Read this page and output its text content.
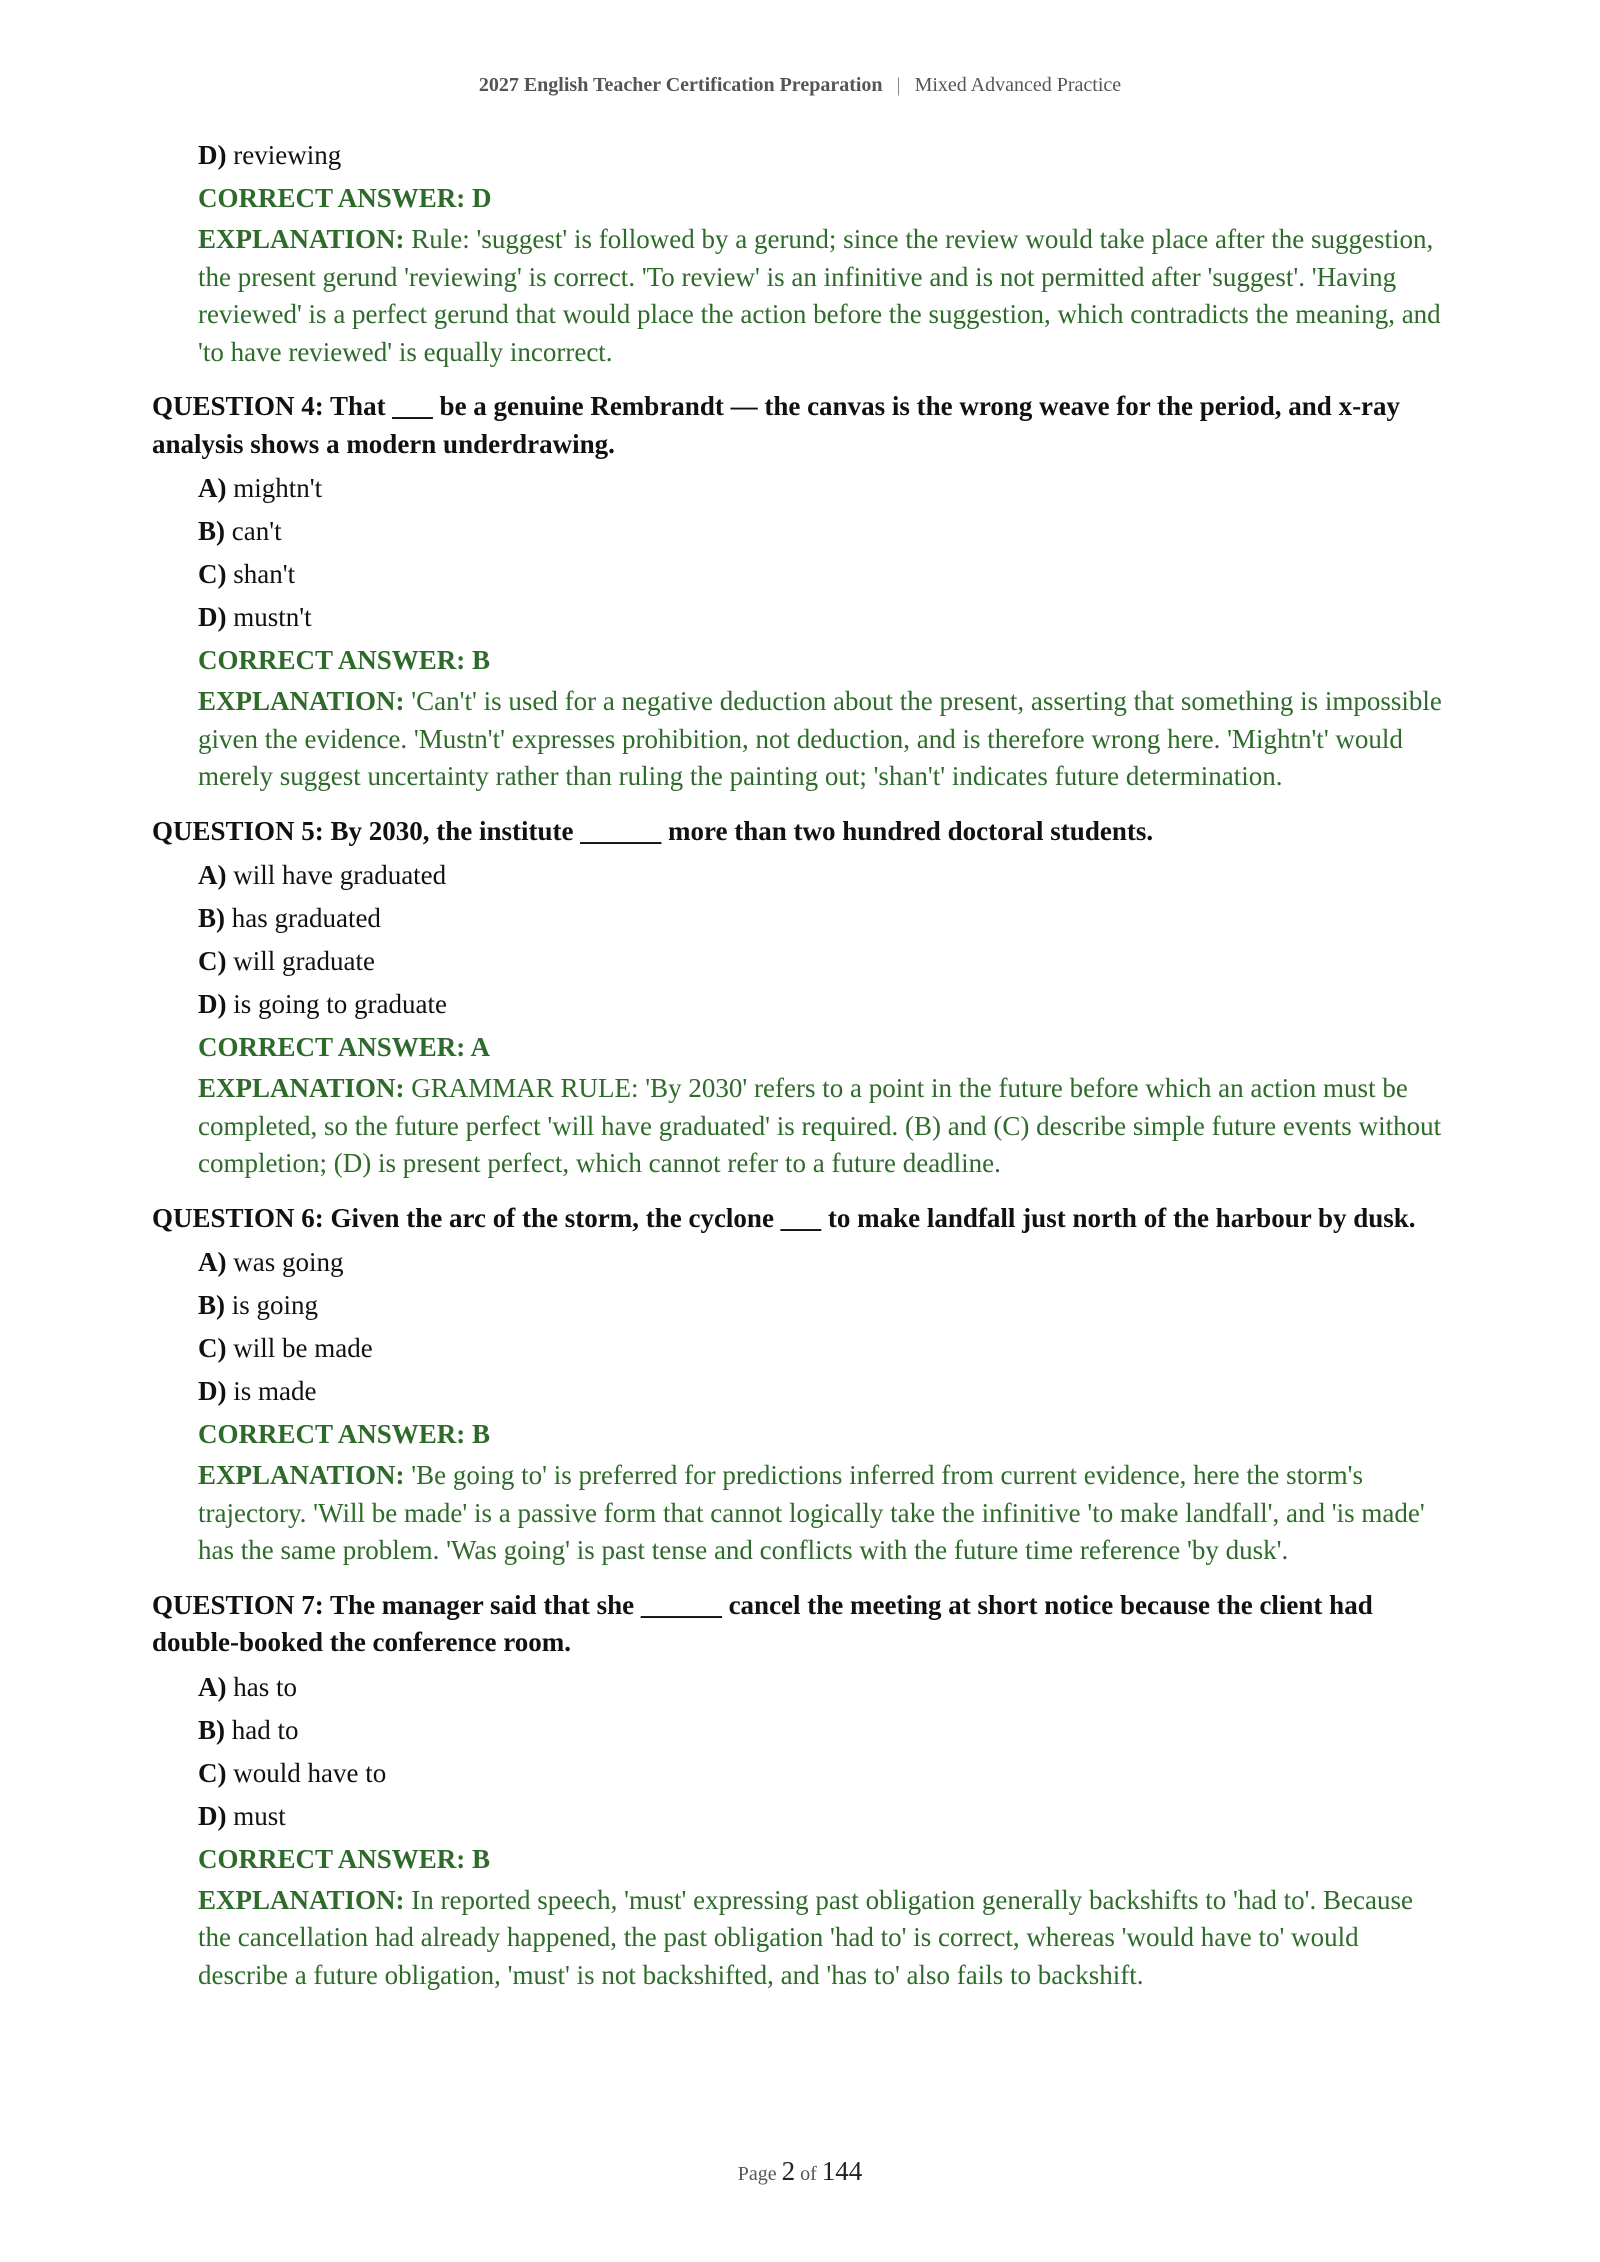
2027 English Teacher Certification Preparation | Mixed Advanced Practice
D) reviewing
CORRECT ANSWER: D
EXPLANATION: Rule: 'suggest' is followed by a gerund; since the review would take place after the suggestion, the present gerund 'reviewing' is correct. 'To review' is an infinitive and is not permitted after 'suggest'. 'Having reviewed' is a perfect gerund that would place the action before the suggestion, which contradicts the meaning, and 'to have reviewed' is equally incorrect.
QUESTION 4: That ___ be a genuine Rembrandt — the canvas is the wrong weave for the period, and x-ray analysis shows a modern underdrawing.
A) mightn't
B) can't
C) shan't
D) mustn't
CORRECT ANSWER: B
EXPLANATION: 'Can't' is used for a negative deduction about the present, asserting that something is impossible given the evidence. 'Mustn't' expresses prohibition, not deduction, and is therefore wrong here. 'Mightn't' would merely suggest uncertainty rather than ruling the painting out; 'shan't' indicates future determination.
QUESTION 5: By 2030, the institute ______ more than two hundred doctoral students.
A) will have graduated
B) has graduated
C) will graduate
D) is going to graduate
CORRECT ANSWER: A
EXPLANATION: GRAMMAR RULE: 'By 2030' refers to a point in the future before which an action must be completed, so the future perfect 'will have graduated' is required. (B) and (C) describe simple future events without completion; (D) is present perfect, which cannot refer to a future deadline.
QUESTION 6: Given the arc of the storm, the cyclone ___ to make landfall just north of the harbour by dusk.
A) was going
B) is going
C) will be made
D) is made
CORRECT ANSWER: B
EXPLANATION: 'Be going to' is preferred for predictions inferred from current evidence, here the storm's trajectory. 'Will be made' is a passive form that cannot logically take the infinitive 'to make landfall', and 'is made' has the same problem. 'Was going' is past tense and conflicts with the future time reference 'by dusk'.
QUESTION 7: The manager said that she ______ cancel the meeting at short notice because the client had double-booked the conference room.
A) has to
B) had to
C) would have to
D) must
CORRECT ANSWER: B
EXPLANATION: In reported speech, 'must' expressing past obligation generally backshifts to 'had to'. Because the cancellation had already happened, the past obligation 'had to' is correct, whereas 'would have to' would describe a future obligation, 'must' is not backshifted, and 'has to' also fails to backshift.
Page 2 of 144
